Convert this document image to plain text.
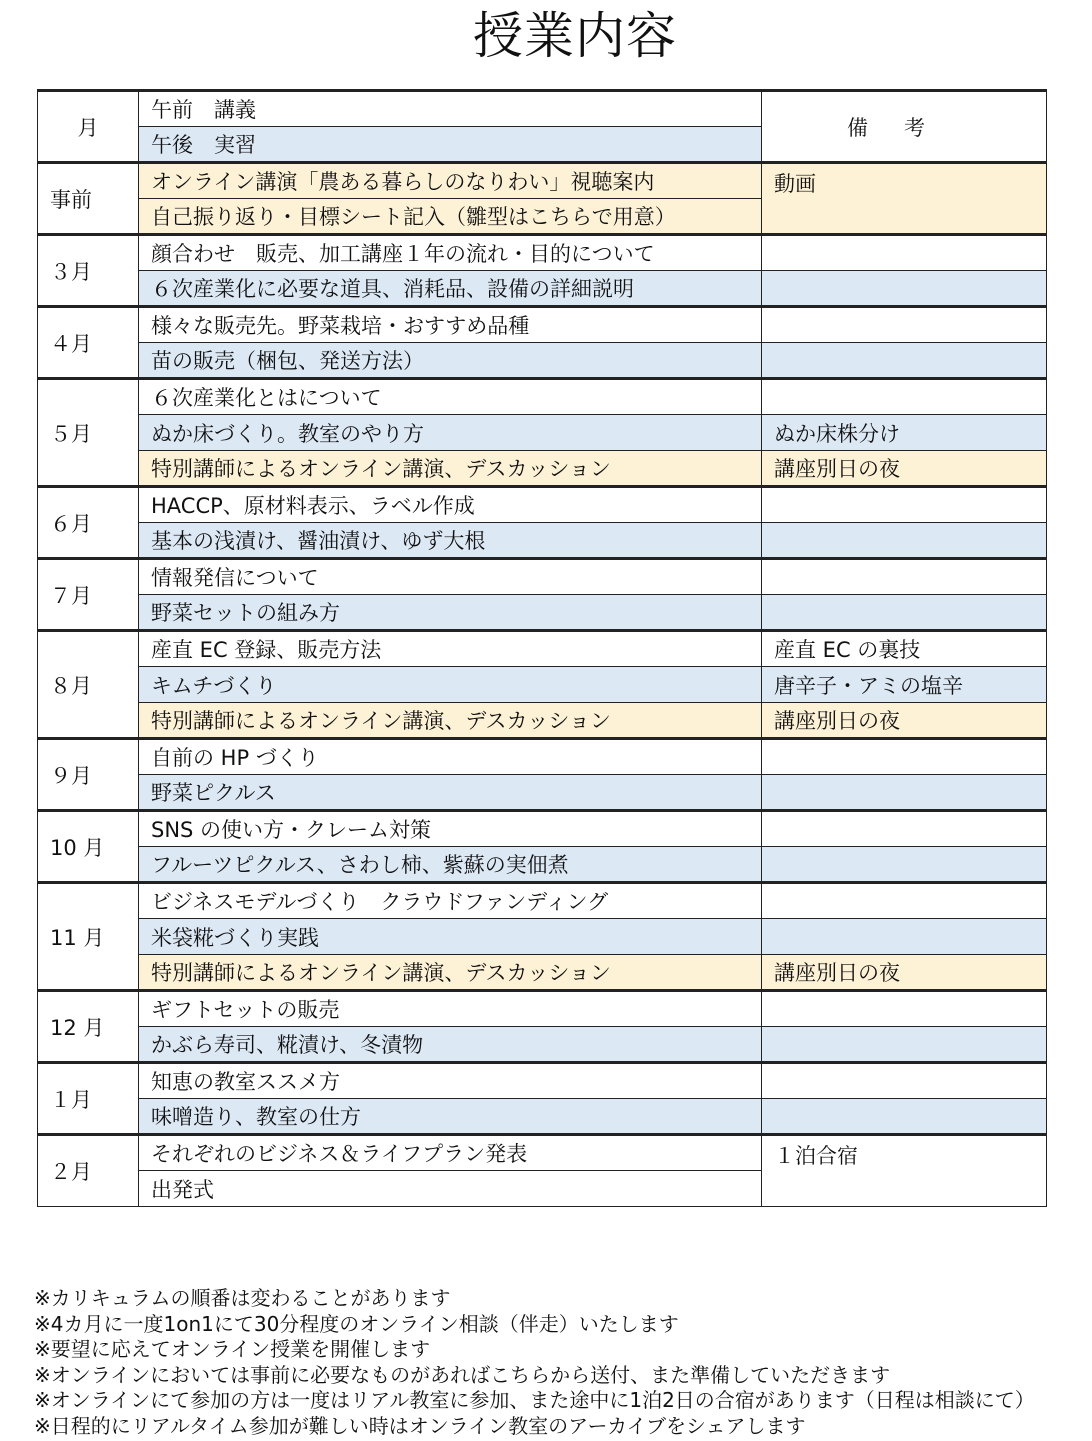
授業内容
月	午前　講義	備考
	午後　実習	
事前	オンライン講演「農ある暮らしのなりわい」視聴案内	動画
	自己振り返り・目標シート記入（雛型はこちらで用意）	
３月	顔合わせ　販売、加工講座１年の流れ・目的について	
	６次産業化に必要な道具、消耗品、設備の詳細説明	
４月	様々な販売先。野菜栽培・おすすめ品種	
	苗の販売（梱包、発送方法）	
５月	６次産業化とはについて	
	ぬか床づくり。教室のやり方	ぬか床株分け
	特別講師によるオンライン講演、デスカッション	講座別日の夜
６月	HACCP、原材料表示、ラベル作成	
	基本の浅漬け、醤油漬け、ゆず大根	
７月	情報発信について	
	野菜セットの組み方	
８月	産直 EC 登録、販売方法	産直 EC の裏技
	キムチづくり	唐辛子・アミの塩辛
	特別講師によるオンライン講演、デスカッション	講座別日の夜
９月	自前の HP づくり	
	野菜ピクルス	
10 月	SNS の使い方・クレーム対策	
	フルーツピクルス、さわし柿、紫蘇の実佃煮	
11 月	ビジネスモデルづくり　クラウドファンディング	
	米袋糀づくり実践	
	特別講師によるオンライン講演、デスカッション	講座別日の夜
12 月	ギフトセットの販売	
	かぶら寿司、糀漬け、冬漬物	
１月	知恵の教室ススメ方	
	味噌造り、教室の仕方	
２月	それぞれのビジネス＆ライフプラン発表	１泊合宿
	出発式	
※カリキュラムの順番は変わることがあります
※4カ月に一度1on1にて30分程度のオンライン相談（伴走）いたします
※要望に応えてオンライン授業を開催します
※オンラインにおいては事前に必要なものがあればこちらから送付、また準備していただきます
※オンラインにて参加の方は一度はリアル教室に参加、また途中に1泊2日の合宿があります（日程は相談にて）
※日程的にリアルタイム参加が難しい時はオンライン教室のアーカイブをシェアします
